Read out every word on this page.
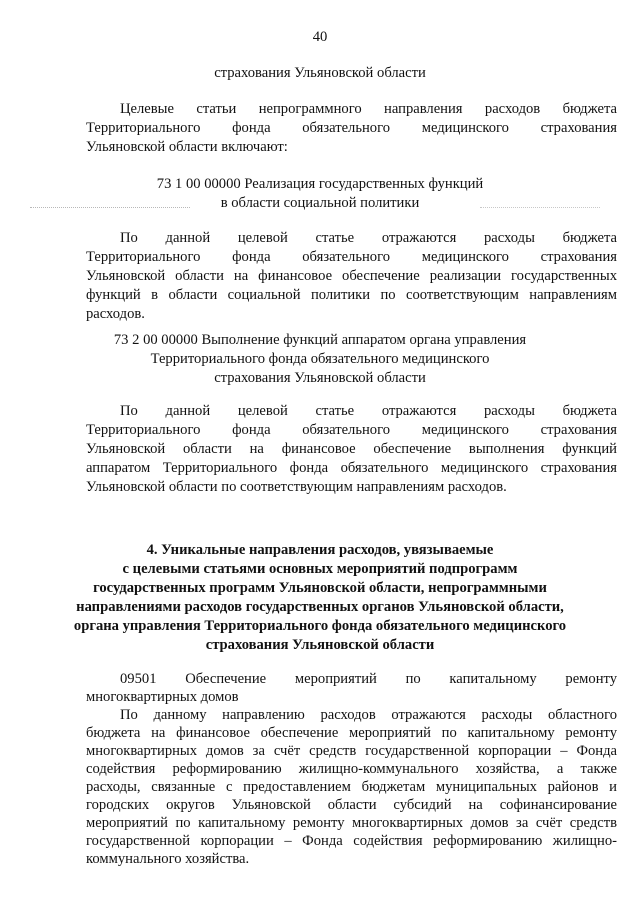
40
страхования Ульяновской области
Целевые статьи непрограммного направления расходов бюджета
Территориального фонда обязательного медицинского страхования
Ульяновской области включают:
73 1 00 00000 Реализация государственных функций
в области социальной политики
По данной целевой статье отражаются расходы бюджета
Территориального фонда обязательного медицинского страхования
Ульяновской области на финансовое обеспечение реализации государственных
функций в области социальной политики по соответствующим направлениям
расходов.
73 2 00 00000 Выполнение функций аппаратом органа управления
Территориального фонда обязательного медицинского
страхования Ульяновской области
По данной целевой статье отражаются расходы бюджета
Территориального фонда обязательного медицинского страхования
Ульяновской области на финансовое обеспечение выполнения функций
аппаратом Территориального фонда обязательного медицинского страхования
Ульяновской области по соответствующим направлениям расходов.
4. Уникальные направления расходов, увязываемые
с целевыми статьями основных мероприятий подпрограмм
государственных программ Ульяновской области, непрограммными
направлениями расходов государственных органов Ульяновской области,
органа управления Территориального фонда обязательного медицинского
страхования Ульяновской области
09501 Обеспечение мероприятий по капитальному ремонту
многоквартирных домов
По данному направлению расходов отражаются расходы областного
бюджета на финансовое обеспечение мероприятий по капитальному ремонту
многоквартирных домов за счёт средств государственной корпорации – Фонда
содействия реформированию жилищно-коммунального хозяйства, а также
расходы, связанные с предоставлением бюджетам муниципальных районов и
городских округов Ульяновской области субсидий на софинансирование
мероприятий по капитальному ремонту многоквартирных домов за счёт средств
государственной корпорации – Фонда содействия реформированию жилищно-
коммунального хозяйства.
